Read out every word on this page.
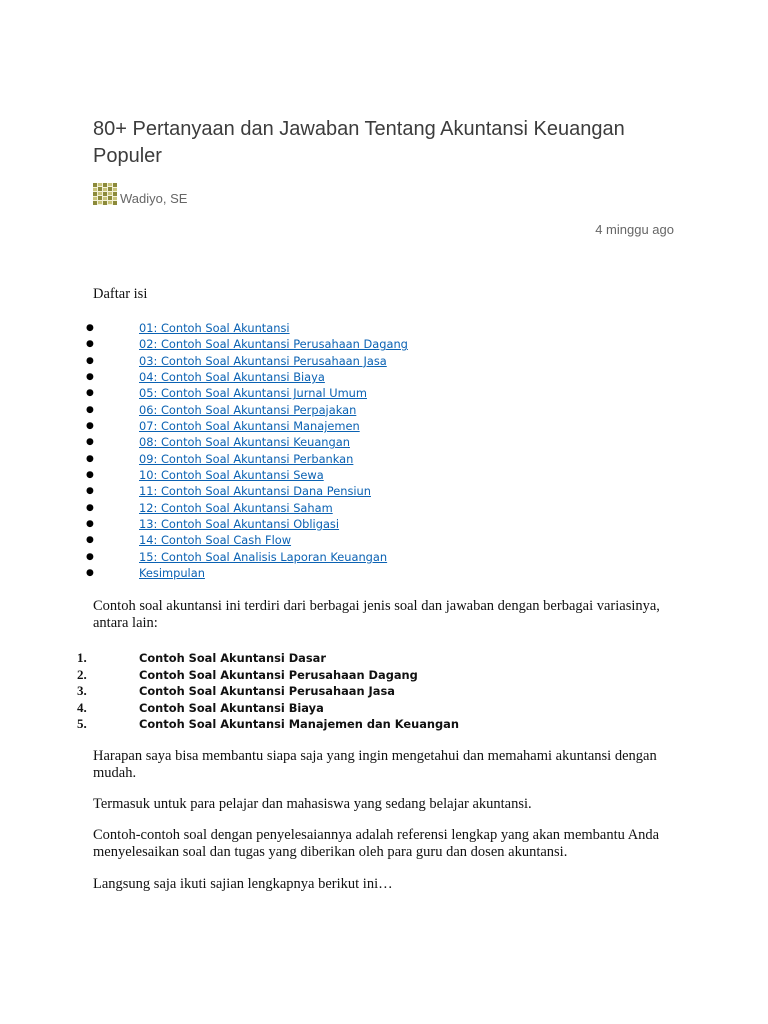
80+ Pertanyaan dan Jawaban Tentang Akuntansi Keuangan Populer
Wadiyo, SE
4 minggu ago
Daftar isi
●	01: Contoh Soal Akuntansi
●	02: Contoh Soal Akuntansi Perusahaan Dagang
●	03: Contoh Soal Akuntansi Perusahaan Jasa
●	04: Contoh Soal Akuntansi Biaya
●	05: Contoh Soal Akuntansi Jurnal Umum
●	06: Contoh Soal Akuntansi Perpajakan
●	07: Contoh Soal Akuntansi Manajemen
●	08: Contoh Soal Akuntansi Keuangan
●	09: Contoh Soal Akuntansi Perbankan
●	10: Contoh Soal Akuntansi Sewa
●	11: Contoh Soal Akuntansi Dana Pensiun
●	12: Contoh Soal Akuntansi Saham
●	13: Contoh Soal Akuntansi Obligasi
●	14: Contoh Soal Cash Flow
●	15: Contoh Soal Analisis Laporan Keuangan
●	Kesimpulan

Contoh soal akuntansi ini terdiri dari berbagai jenis soal dan jawaban dengan berbagai variasinya, antara lain:

1.	Contoh Soal Akuntansi Dasar
2.	Contoh Soal Akuntansi Perusahaan Dagang
3.	Contoh Soal Akuntansi Perusahaan Jasa
4.	Contoh Soal Akuntansi Biaya
5.	Contoh Soal Akuntansi Manajemen dan Keuangan

Harapan saya bisa membantu siapa saja yang ingin mengetahui dan memahami akuntansi dengan mudah.

Termasuk untuk para pelajar dan mahasiswa yang sedang belajar akuntansi.

Contoh-contoh soal dengan penyelesaiannya adalah referensi lengkap yang akan membantu Anda menyelesaikan soal dan tugas yang diberikan oleh para guru dan dosen akuntansi.

Langsung saja ikuti sajian lengkapnya berikut ini…
